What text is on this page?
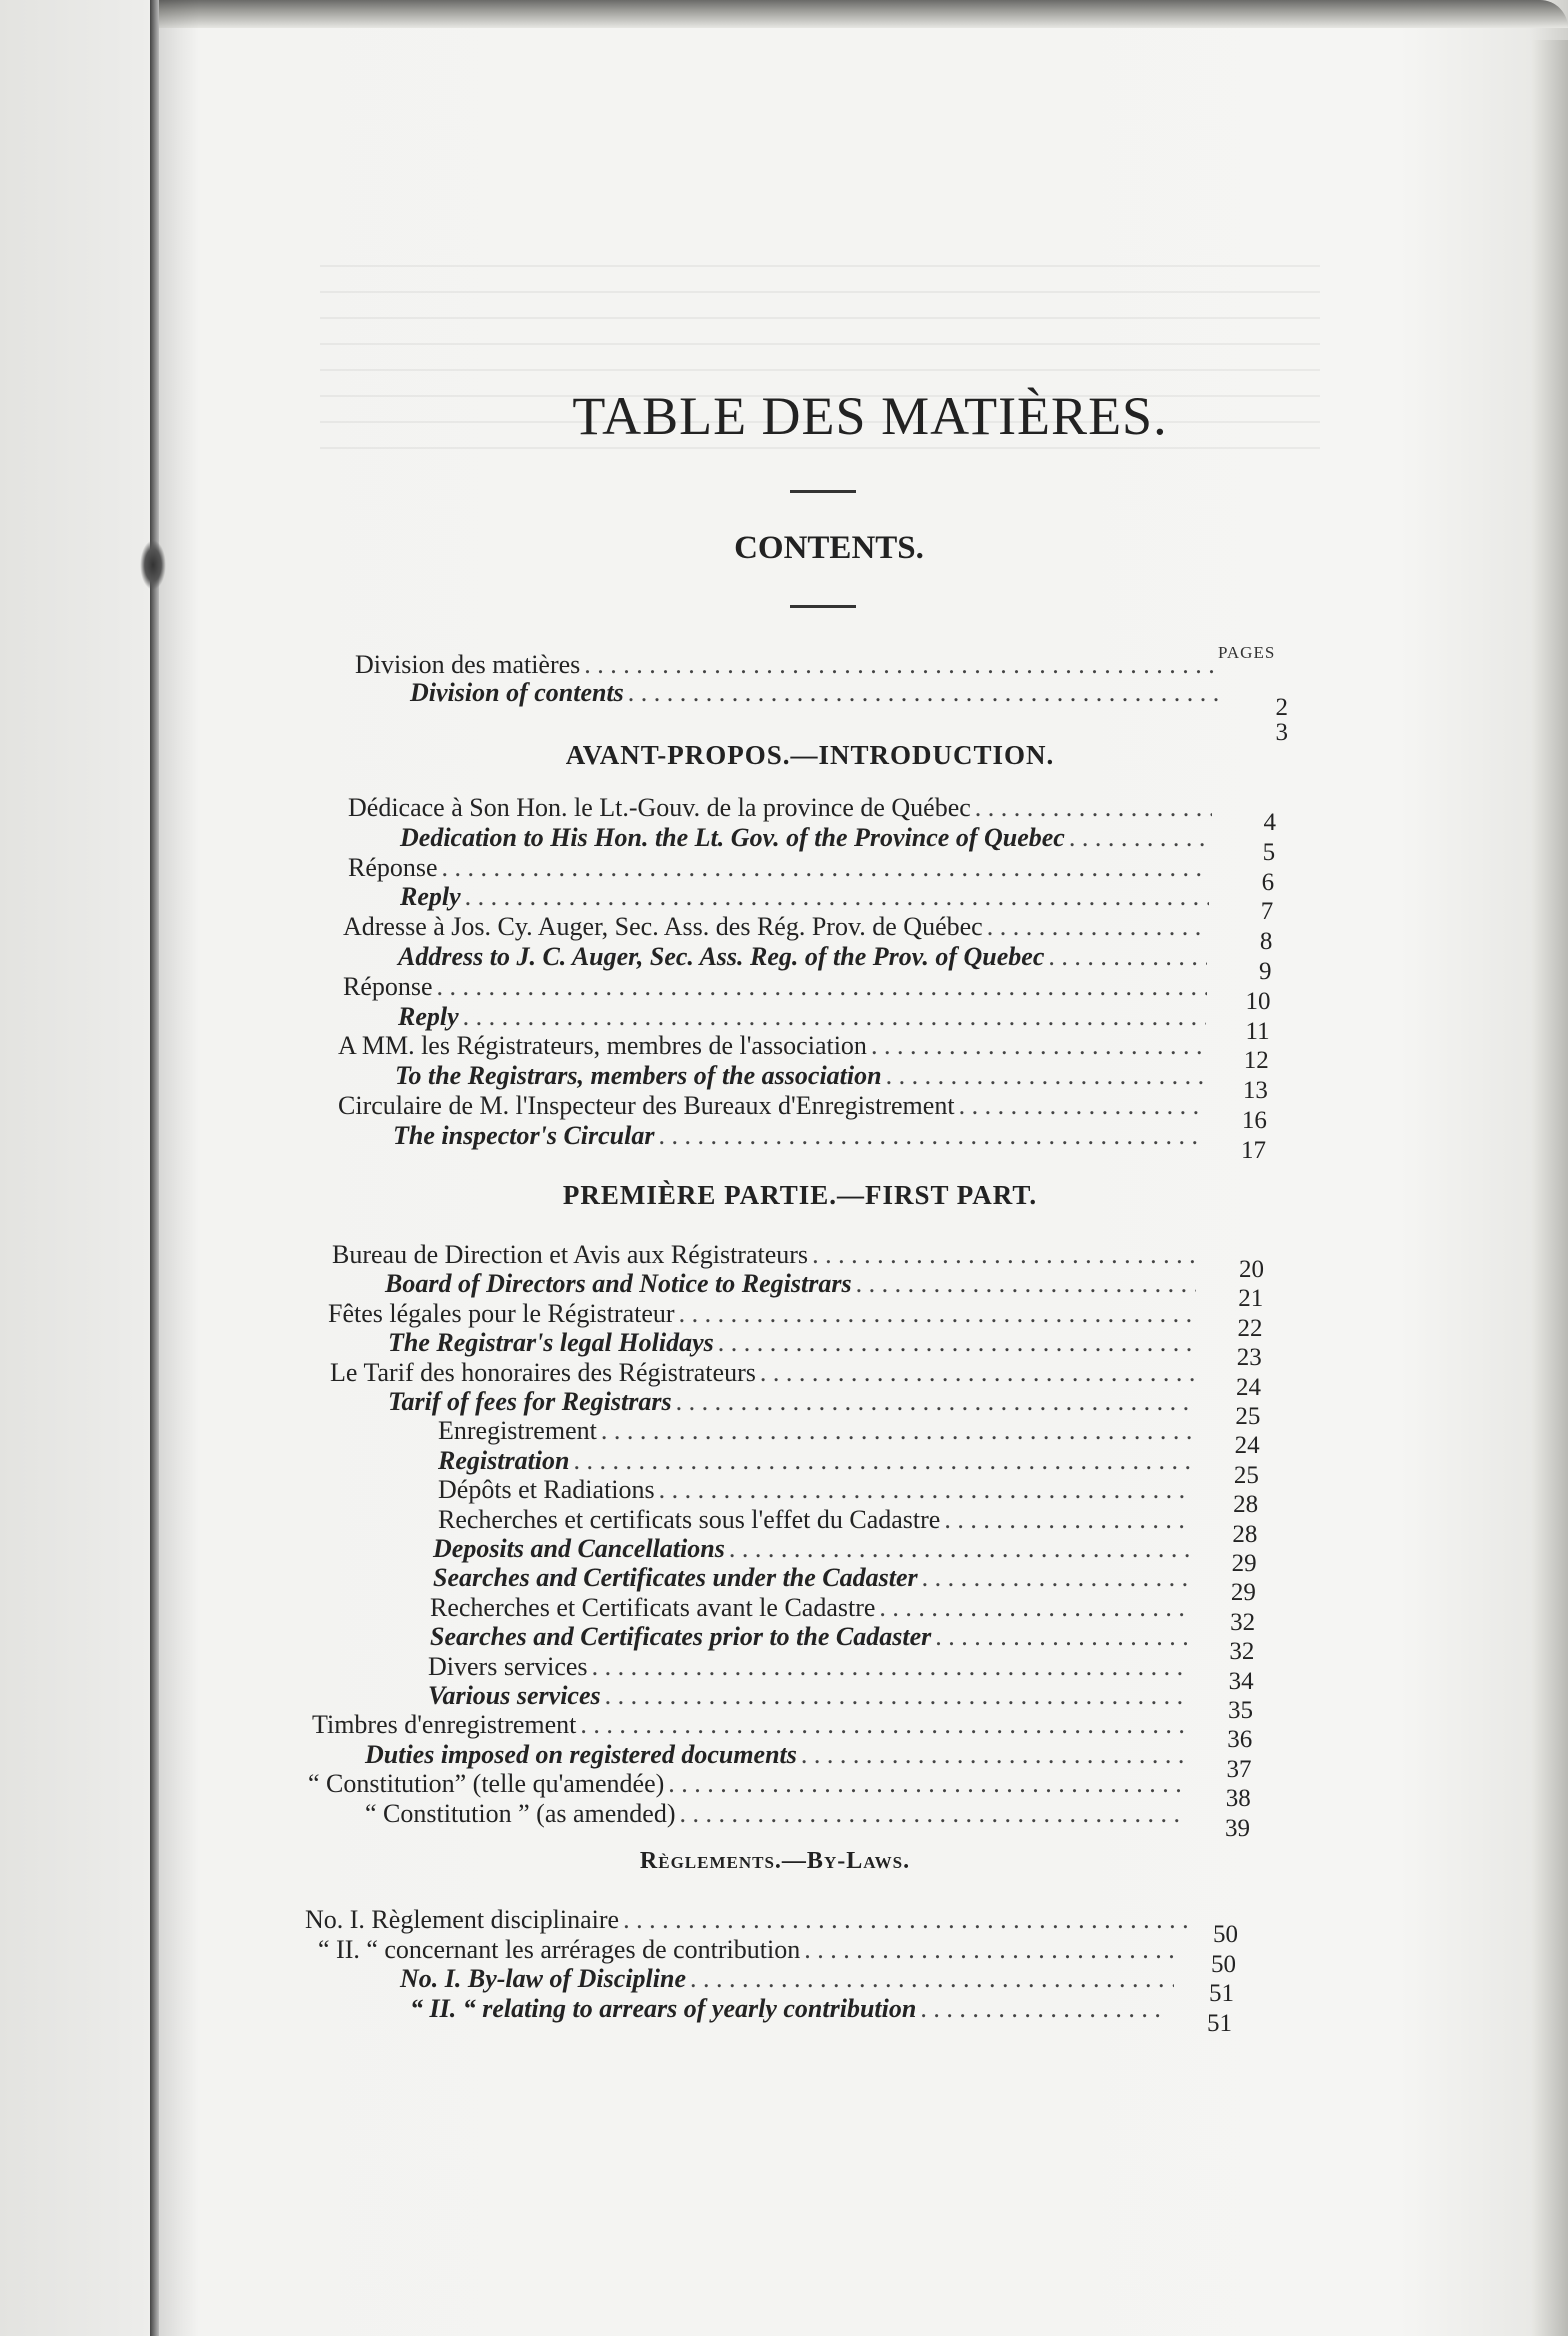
TABLE DES MATIÈRES.
CONTENTS.
PAGES
Division des matières
. . .
Division of contents
. . .
2
3
AVANT-PROPOS.—INTRODUCTION.
Dédicace à Son Hon. le Lt.-Gouv. de la province de Québec
. . .
4
Dedication to His Hon. the Lt. Gov. of the Province of Quebec
. . .
5
Réponse
. . .
6
Reply
. . .
7
Adresse à Jos. Cy. Auger, Sec. Ass. des Rég. Prov. de Québec
. . .
8
Address to J. C. Auger, Sec. Ass. Reg. of the Prov. of Quebec
. . .
9
Réponse
. . .
10
Reply
. . .
11
A MM. les Régistrateurs, membres de l'association
. . .
12
To the Registrars, members of the association
. . .
13
Circulaire de M. l'Inspecteur des Bureaux d'Enregistrement
. . .
16
The inspector's Circular
. . .
17
PREMIÈRE PARTIE.—FIRST PART.
Bureau de Direction et Avis aux Régistrateurs
. . .
20
Board of Directors and Notice to Registrars
. . .
21
Fêtes légales pour le Régistrateur
. . .
22
The Registrar's legal Holidays
. . .
23
Le Tarif des honoraires des Régistrateurs
. . .
24
Tarif of fees for Registrars
. . .
25
Enregistrement
. . .
24
Registration
. . .
25
Dépôts et Radiations
. . .
28
Recherches et certificats sous l'effet du Cadastre
. . .
28
Deposits and Cancellations
. . .
29
Searches and Certificates under the Cadaster
. . .
29
Recherches et Certificats avant le Cadastre
. . .
32
Searches and Certificates prior to the Cadaster
. . .
32
Divers services
. . .
34
Various services
. . .
35
Timbres d'enregistrement
. . .
36
Duties imposed on registered documents
. . .
37
“ Constitution” (telle qu'amendée)
. . .
38
“ Constitution ” (as amended)
. . .
39
Règlements.—By-Laws.
No. I. Règlement disciplinaire
. . .
50
“ II. “ concernant les arrérages de contribution
. . .
50
No. I. By-law of Discipline
. . .
51
“ II. “ relating to arrears of yearly contribution
. . .
51
